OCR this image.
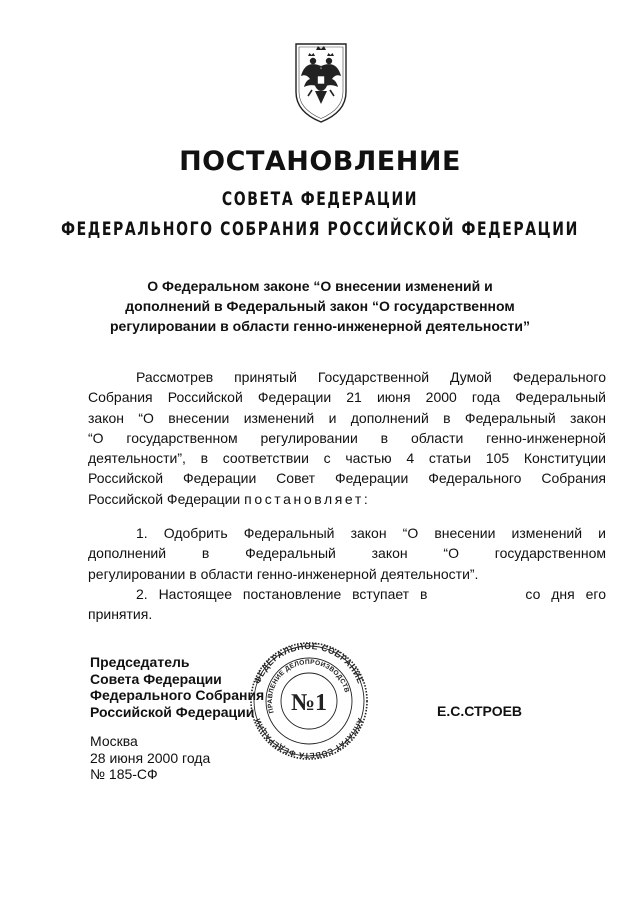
ПОСТАНОВЛЕНИЕ
СОВЕТА ФЕДЕРАЦИИ
ФЕДЕРАЛЬНОГО СОБРАНИЯ РОССИЙСКОЙ ФЕДЕРАЦИИ
О Федеральном законе “О внесении изменений и
дополнений в Федеральный закон “О государственном
регулировании в области генно-инженерной деятельности”
Рассмотрев принятый Государственной Думой Федерального
Собрания Российской Федерации 21 июня 2000 года Федеральный
закон “О внесении изменений и дополнений в Федеральный закон
“О государственном регулировании в области генно-инженерной
деятельности”, в соответствии с частью 4 статьи 105 Конституции
Российской Федерации Совет Федерации Федерального Собрания
Российской Федерации постановляет:
1. Одобрить Федеральный закон “О внесении изменений и
дополнений в Федеральный закон “О государственном
регулировании в области генно-инженерной деятельности”.
2. Настоящее постановление вступает в         со дня его
принятия.
Председатель
Совета Федерации
Федерального Собрания
Российской Федерации
ФЕДЕРАЛЬНОЕ СОБРАНИЕ
АППАРАТ СОВЕТА ФЕДЕРАЦИИ
УПРАВЛЕНИЕ ДЕЛОПРОИЗВОДСТВА
№1	Е.С.СТРОЕВ
Москва
28 июня 2000 года
№ 185-СФ
